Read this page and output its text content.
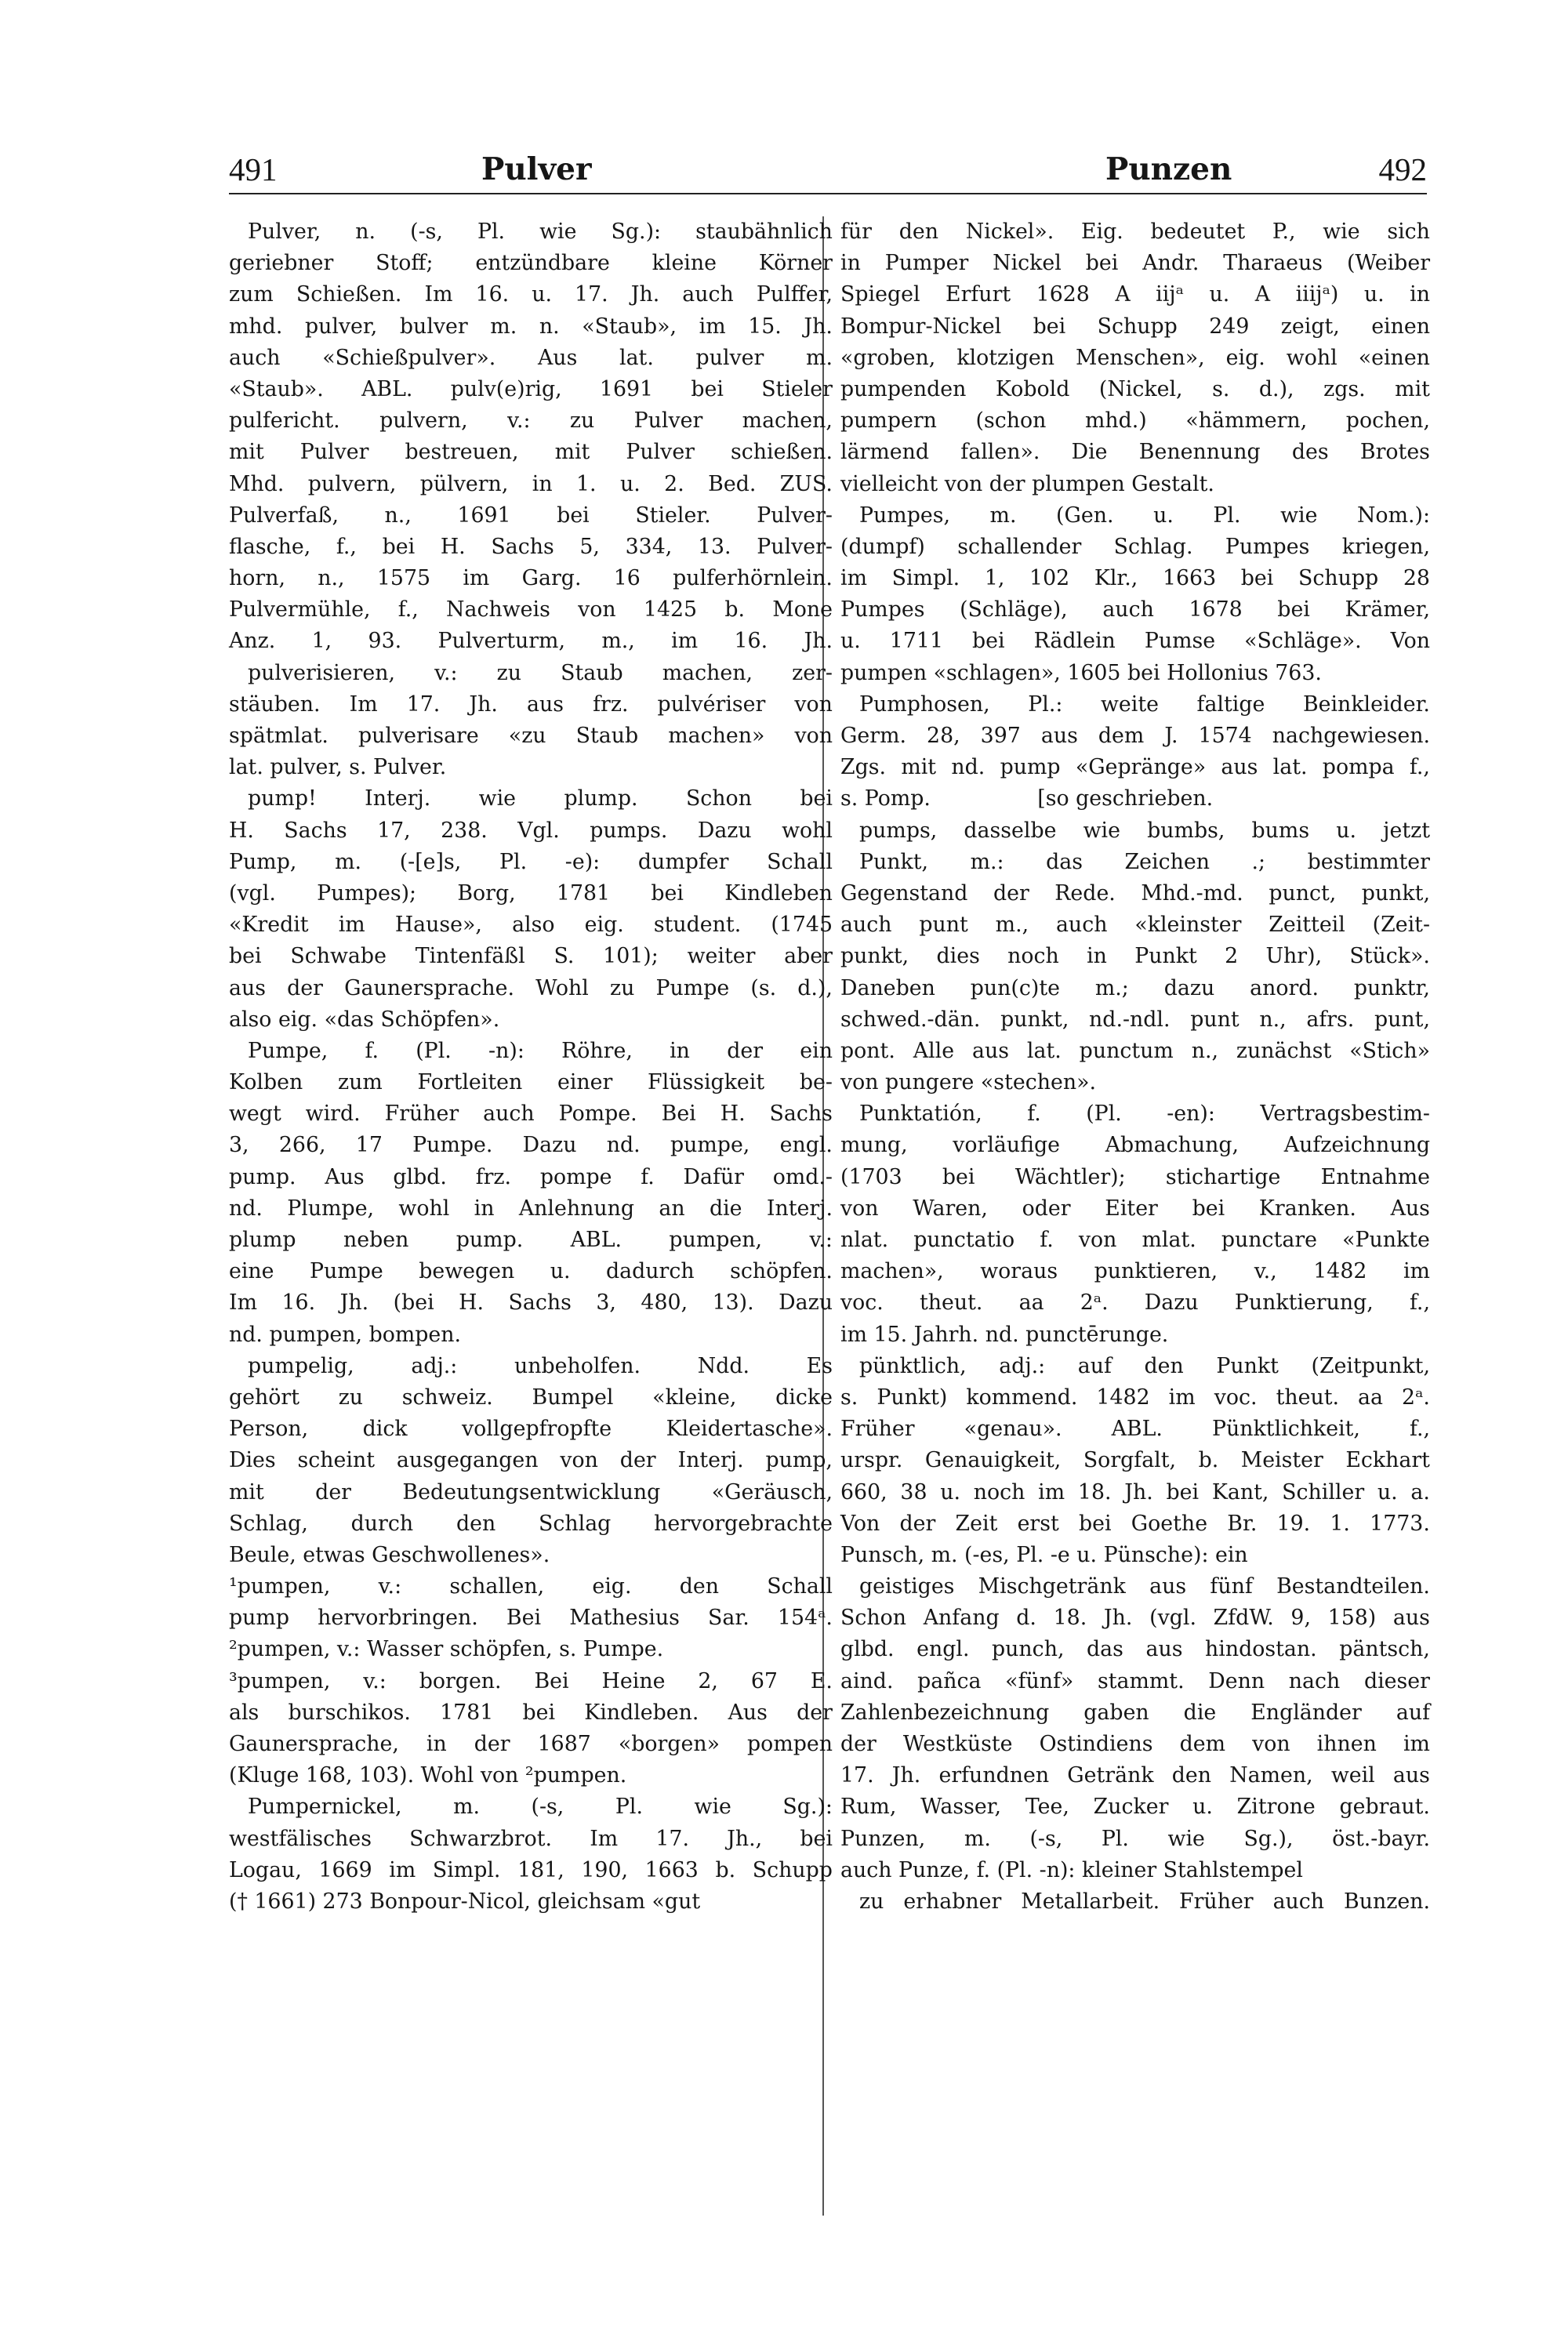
491	Pulver	Punzen	492
Pulver, n. (-s, Pl. wie Sg.): staubähnlich
geriebner Stoff; entzündbare kleine Körner
zum Schießen. Im 16. u. 17. Jh. auch Pulffer,
mhd. pulver, bulver m. n. «Staub», im 15. Jh.
auch «Schießpulver». Aus lat. pulver m.
«Staub». ABL. pulv(e)rig, 1691 bei Stieler
pulfericht. pulvern, v.: zu Pulver machen,
mit Pulver bestreuen, mit Pulver schießen.
Mhd. pulvern, pülvern, in 1. u. 2. Bed. ZUS.
Pulverfaß, n., 1691 bei Stieler. Pulver-
flasche, f., bei H. Sachs 5, 334, 13. Pulver-
horn, n., 1575 im Garg. 16 pulferhörnlein.
Pulvermühle, f., Nachweis von 1425 b. Mone
Anz. 1, 93. Pulverturm, m., im 16. Jh.
pulverisieren, v.: zu Staub machen, zer-
stäuben. Im 17. Jh. aus frz. pulvériser von
spätmlat. pulverisare «zu Staub machen» von
lat. pulver, s. Pulver.
pump! Interj. wie plump. Schon bei
H. Sachs 17, 238. Vgl. pumps. Dazu wohl
Pump, m. (-[e]s, Pl. -e): dumpfer Schall
(vgl. Pumpes); Borg, 1781 bei Kindleben
«Kredit im Hause», also eig. student. (1745
bei Schwabe Tintenfäßl S. 101); weiter aber
aus der Gaunersprache. Wohl zu Pumpe (s. d.),
also eig. «das Schöpfen».
Pumpe, f. (Pl. -n): Röhre, in der ein
Kolben zum Fortleiten einer Flüssigkeit be-
wegt wird. Früher auch Pompe. Bei H. Sachs
3, 266, 17 Pumpe. Dazu nd. pumpe, engl.
pump. Aus glbd. frz. pompe f. Dafür omd.-
nd. Plumpe, wohl in Anlehnung an die Interj.
plump neben pump. ABL. pumpen, v.:
eine Pumpe bewegen u. dadurch schöpfen.
Im 16. Jh. (bei H. Sachs 3, 480, 13). Dazu
nd. pumpen, bompen.
pumpelig,	adj.:	unbeholfen.	Ndd.	Es
gehört zu schweiz. Bumpel «kleine, dicke
Person,	dick	vollgepfropfte	Kleidertasche».
Dies scheint ausgegangen von der Interj. pump,
mit der Bedeutungsentwicklung «Geräusch,
Schlag, durch den Schlag hervorgebrachte
Beule, etwas Geschwollenes».
¹pumpen, v.: schallen, eig. den Schall
pump hervorbringen. Bei Mathesius Sar. 154ᵃ.
²pumpen, v.: Wasser schöpfen, s. Pumpe.
³pumpen, v.: borgen. Bei Heine 2, 67 E.
als burschikos. 1781 bei Kindleben. Aus der
Gaunersprache, in der 1687 «borgen» pompen
(Kluge 168, 103). Wohl von ²pumpen.
Pumpernickel, m. (-s, Pl. wie Sg.):
westfälisches Schwarzbrot. Im 17. Jh., bei
Logau, 1669 im Simpl. 181, 190, 1663 b. Schupp
(† 1661) 273 Bonpour-Nicol, gleichsam «gut
für den Nickel». Eig. bedeutet P., wie sich
in Pumper Nickel bei Andr. Tharaeus (Weiber
Spiegel Erfurt 1628 A iijᵃ u. A iiijᵃ) u. in
Bompur-Nickel bei Schupp 249 zeigt, einen
«groben, klotzigen Menschen», eig. wohl «einen
pumpenden Kobold (Nickel, s. d.), zgs. mit
pumpern (schon mhd.) «hämmern, pochen,
lärmend fallen». Die Benennung des Brotes
vielleicht von der plumpen Gestalt.
Pumpes, m. (Gen. u. Pl. wie Nom.):
(dumpf) schallender Schlag. Pumpes kriegen,
im Simpl. 1, 102 Klr., 1663 bei Schupp 28
Pumpes (Schläge), auch 1678 bei Krämer,
u. 1711 bei Rädlein Pumse «Schläge». Von
pumpen «schlagen», 1605 bei Hollonius 763.
Pumphosen, Pl.: weite faltige Beinkleider.
Germ. 28, 397 aus dem J. 1574 nachgewiesen.
Zgs. mit nd. pump «Gepränge» aus lat. pompa f.,
s. Pomp.                [so geschrieben.
pumps, dasselbe wie bumbs, bums u. jetzt
Punkt, m.: das Zeichen .; bestimmter
Gegenstand der Rede. Mhd.-md. punct, punkt,
auch punt m., auch «kleinster Zeitteil (Zeit-
punkt, dies noch in Punkt 2 Uhr), Stück».
Daneben pun(c)te m.; dazu anord. punktr,
schwed.-dän. punkt, nd.-ndl. punt n., afrs. punt,
pont. Alle aus lat. punctum n., zunächst «Stich»
von pungere «stechen».
Punktatión, f. (Pl. -en): Vertragsbestim-
mung, vorläufige Abmachung, Aufzeichnung
(1703 bei Wächtler); stichartige Entnahme
von Waren, oder Eiter bei Kranken. Aus
nlat. punctatio f. von mlat. punctare «Punkte
machen», woraus punktieren, v., 1482 im
voc. theut. aa 2ᵃ. Dazu Punktierung, f.,
im 15. Jahrh. nd. punctērunge.
pünktlich, adj.: auf den Punkt (Zeitpunkt,
s. Punkt) kommend. 1482 im voc. theut. aa 2ᵃ.
Früher «genau». ABL. Pünktlichkeit, f.,
urspr. Genauigkeit, Sorgfalt, b. Meister Eckhart
660, 38 u. noch im 18. Jh. bei Kant, Schiller u. a.
Von der Zeit erst bei Goethe Br. 19. 1. 1773.
Punsch, m. (-es, Pl. -e u. Pünsche): ein
geistiges Mischgetränk aus fünf Bestandteilen.
Schon Anfang d. 18. Jh. (vgl. ZfdW. 9, 158) aus
glbd. engl. punch, das aus hindostan. päntsch,
aind. pañca «fünf» stammt. Denn nach dieser
Zahlenbezeichnung gaben die Engländer auf
der Westküste Ostindiens dem von ihnen im
17. Jh. erfundnen Getränk den Namen, weil aus
Rum, Wasser, Tee, Zucker u. Zitrone gebraut.
Punzen, m. (-s, Pl. wie Sg.), öst.-bayr.
auch Punze, f. (Pl. -n): kleiner Stahlstempel
zu erhabner Metallarbeit. Früher auch Bunzen.
